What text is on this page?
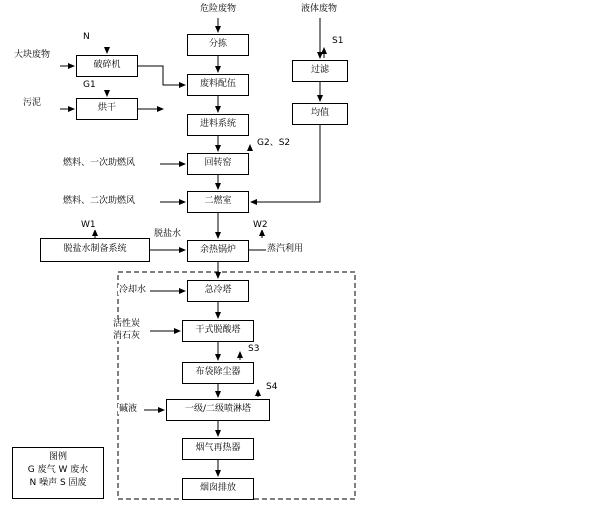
大块废物
污泥
破碎机
烘干
危险废物
分拣
废料配伍
进料系统
回转窑
二燃室
余热锅炉
急冷塔
干式脱酸塔
布袋除尘器
一级/二级喷淋塔
烟气再热器
烟囱排放
液体废物
过滤
均值
脱盐水制备系统
N
G1
S1
G2、S2
燃料、一次助燃风
燃料、二次助燃风
W1	W2
脱盐水
蒸汽利用
冷却水
活性炭
消石灰
S3
S4
碱液
图例
G 废气 W 废水
N 噪声 S 固废
